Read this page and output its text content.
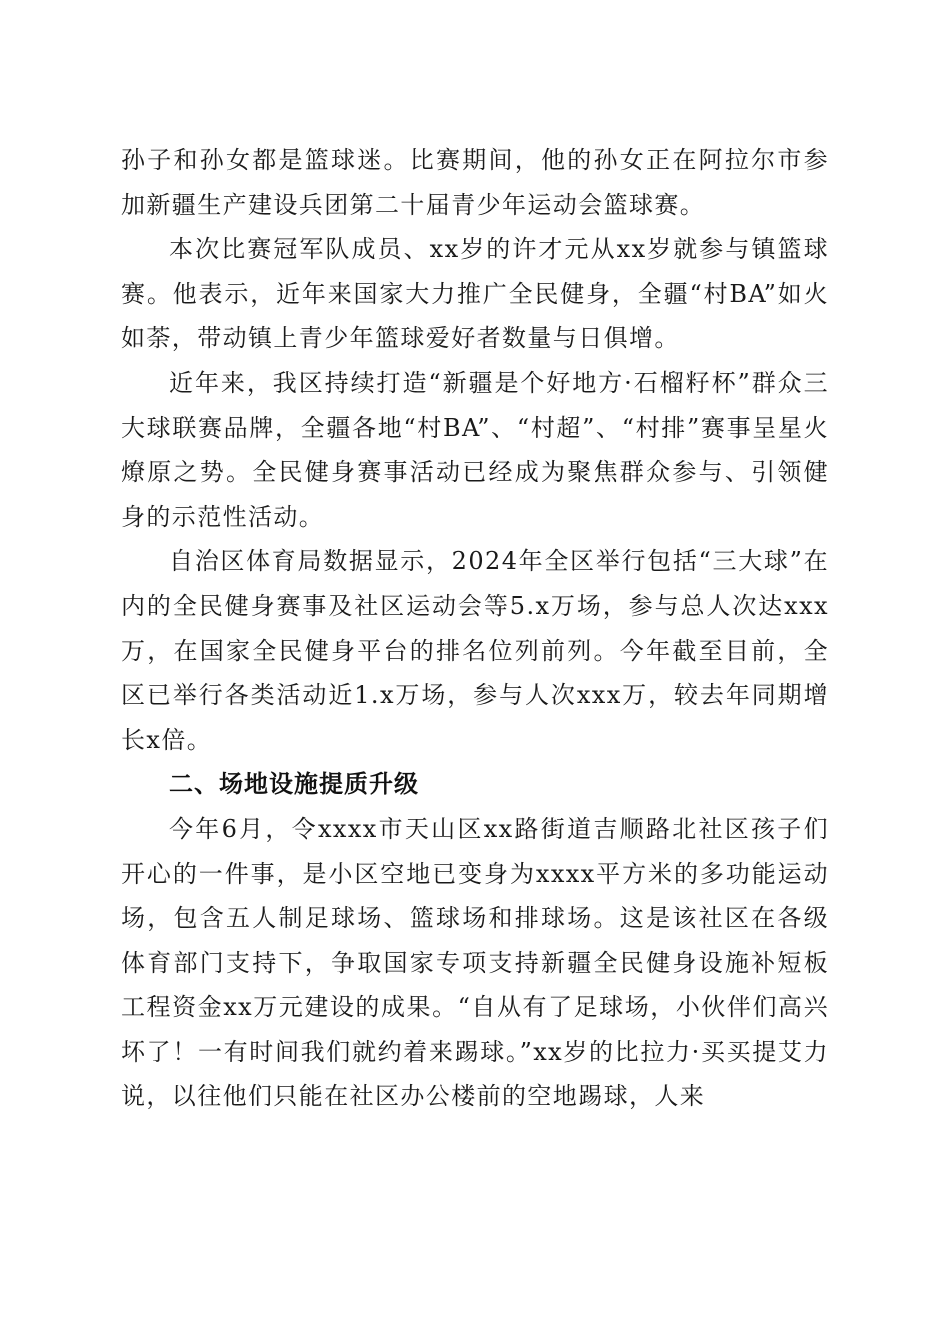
孙子和孙女都是篮球迷。比赛期间，他的孙女正在阿拉尔市参加新疆生产建设兵团第二十届青少年运动会篮球赛。

本次比赛冠军队成员、xx岁的许才元从xx岁就参与镇篮球赛。他表示，近年来国家大力推广全民健身，全疆“村BA”如火如荼，带动镇上青少年篮球爱好者数量与日俱增。

近年来，我区持续打造“新疆是个好地方·石榴籽杯”群众三大球联赛品牌，全疆各地“村BA”、“村超”、“村排”赛事呈星火燎原之势。全民健身赛事活动已经成为聚焦群众参与、引领健身的示范性活动。

自治区体育局数据显示，2024年全区举行包括“三大球”在内的全民健身赛事及社区运动会等5.x万场，参与总人次达xxx万，在国家全民健身平台的排名位列前列。今年截至目前，全区已举行各类活动近1.x万场，参与人次xxx万，较去年同期增长x倍。

二、场地设施提质升级

今年6月，令xxxx市天山区xx路街道吉顺路北社区孩子们开心的一件事，是小区空地已变身为xxxx平方米的多功能运动场，包含五人制足球场、篮球场和排球场。这是该社区在各级体育部门支持下，争取国家专项支持新疆全民健身设施补短板工程资金xx万元建设的成果。“自从有了足球场，小伙伴们高兴坏了！一有时间我们就约着来踢球。”xx岁的比拉力·买买提艾力说，以往他们只能在社区办公楼前的空地踢球，人来
